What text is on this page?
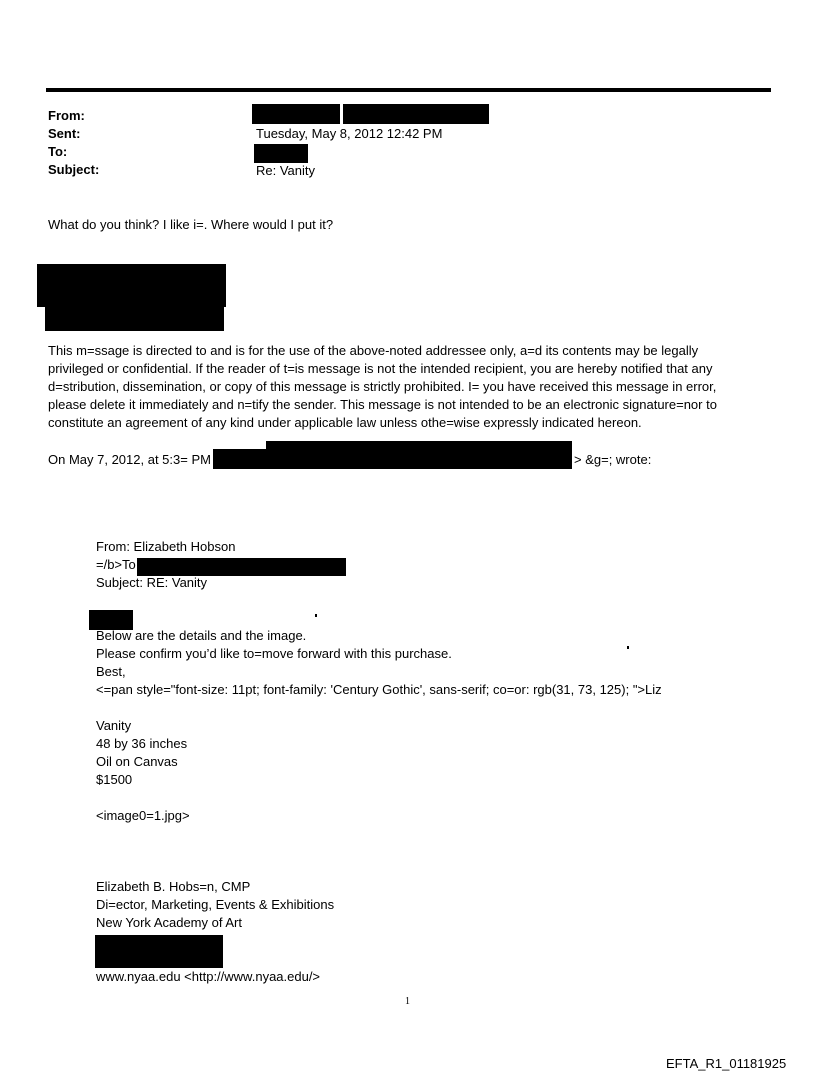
From:
Sent:
To:
Subject:
Tuesday, May 8, 2012 12:42 PM
Re: Vanity
What do you think? I like i=. Where would I put it?
This m=ssage is directed to and is for the use of the above-noted addressee only, a=d its contents may be legally privileged or confidential. If the reader of t=is message is not the intended recipient, you are hereby notified that any d=stribution, dissemination, or copy of this message is strictly prohibited. I= you have received this message in error, please delete it immediately and n=tify the sender. This message is not intended to be an electronic signature=nor to constitute an agreement of any kind under applicable law unless othe=wise expressly indicated hereon.
On May 7, 2012, at 5:3= PM	> &g=; wrote:
From: Elizabeth Hobson
=/b>To
Subject: RE: Vanity
Below are the details and the image.
Please confirm you’d like to=move forward with this purchase.
Best,
<=pan style="font-size: 11pt; font-family: 'Century Gothic', sans-serif; co=or: rgb(31, 73, 125); ">Liz
Vanity
48 by 36 inches
Oil on Canvas
$1500
<image0=1.jpg>
Elizabeth B. Hobs=n, CMP
Di=ector, Marketing, Events & Exhibitions
New York Academy of Art
www.nyaa.edu <http://www.nyaa.edu/>
1
EFTA_R1_01181925
